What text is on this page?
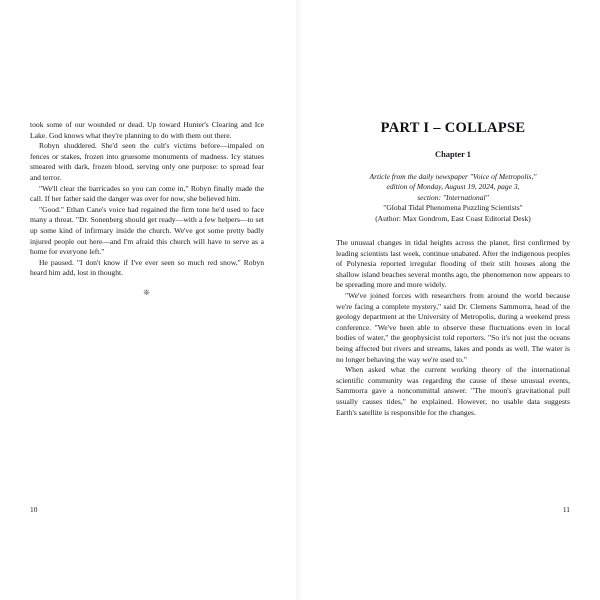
took some of our wounded or dead. Up toward Hunter's Clearing and Ice Lake. God knows what they're planning to do with them out there.

Robyn shuddered. She'd seen the cult's victims before—impaled on fences or stakes, frozen into gruesome monuments of madness. Icy statues smeared with dark, frozen blood, serving only one purpose: to spread fear and terror.

"We'll clear the barricades so you can come in," Robyn finally made the call. If her father said the danger was over for now, she believed him.

"Good." Ethan Cane's voice had regained the firm tone he'd used to face many a threat. "Dr. Sonenberg should get ready—with a few helpers—to set up some kind of infirmary inside the church. We've got some pretty badly injured people out here—and I'm afraid this church will have to serve as a home for everyone left."

He paused. "I don't know if I've ever seen so much red snow," Robyn heard him add, lost in thought.

❊
10
PART I – COLLAPSE
Chapter 1
Article from the daily newspaper "Voice of Metropolis,"
edition of Monday, August 19, 2024, page 3,
section: "International"
"Global Tidal Phenomena Puzzling Scientists"
(Author: Max Gondrom, East Coast Editorial Desk)

The unusual changes in tidal heights across the planet, first confirmed by leading scientists last week, continue unabated. After the indigenous peoples of Polynesia reported irregular flooding of their stilt houses along the shallow island beaches several months ago, the phenomenon now appears to be spreading more and more widely.

"We've joined forces with researchers from around the world because we're facing a complete mystery," said Dr. Clemens Sammorra, head of the geology department at the University of Metropolis, during a weekend press conference. "We've been able to observe these fluctuations even in local bodies of water," the geophysicist told reporters. "So it's not just the oceans being affected but rivers and streams, lakes and ponds as well. The water is no longer behaving the way we're used to."

When asked what the current working theory of the international scientific community was regarding the cause of these unusual events, Sammorra gave a noncommittal answer. "The moon's gravitational pull usually causes tides," he explained. However, no usable data suggests Earth's satellite is responsible for the changes.

11
